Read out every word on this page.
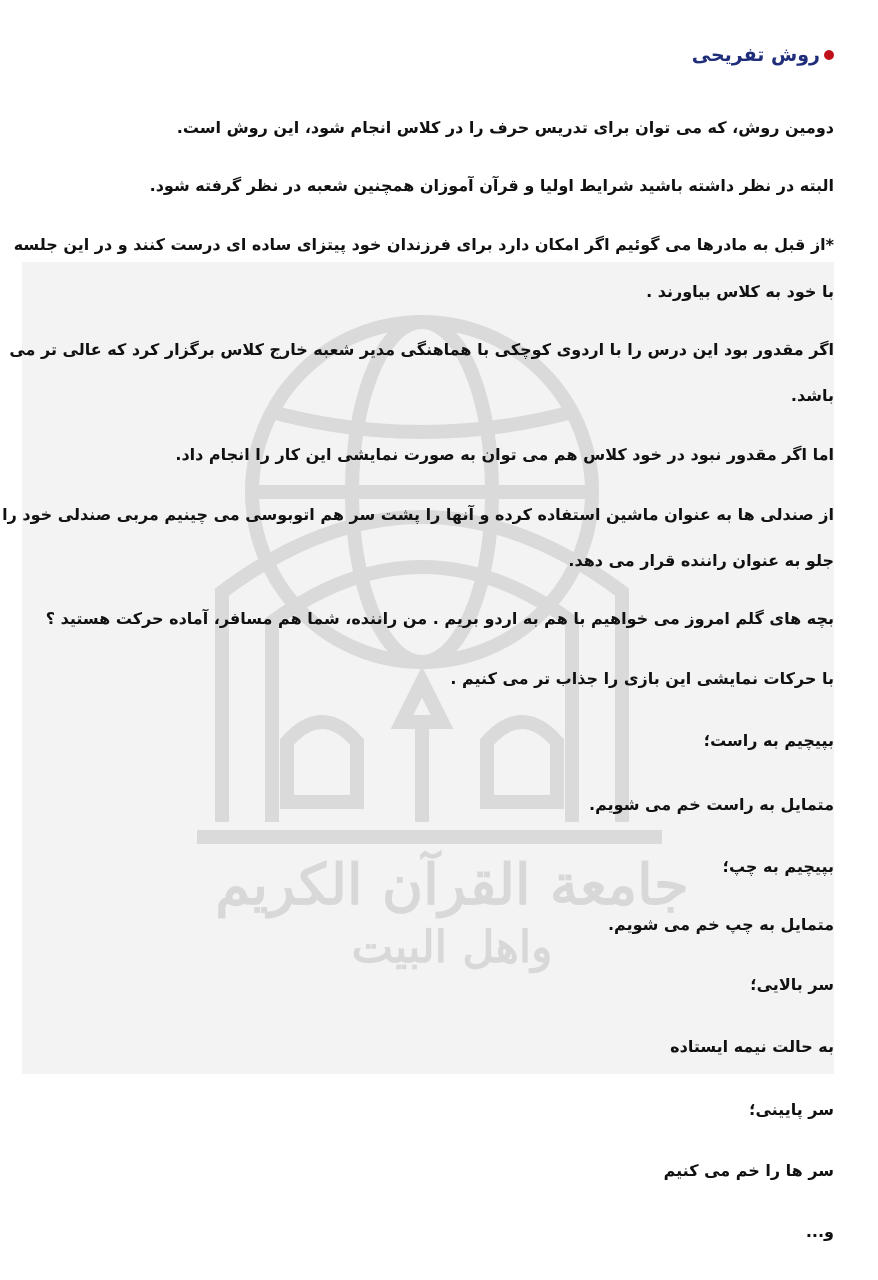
جامعة القرآن الكريم
واهل البيت
روش تفریحی
دومین روش، که می توان برای تدریس حرف را در کلاس انجام شود، این روش است.
البته در نظر داشته باشید شرایط اولیا و قرآن آموزان همچنین شعبه در نظر گرفته شود.
*از قبل به مادرها می گوئیم اگر امکان دارد برای فرزندان خود پیتزای ساده ای درست کنند و در این جلسه
با خود به کلاس بیاورند .
اگر مقدور بود این درس را با اردوی کوچکی با هماهنگی مدیر شعبه خارج کلاس برگزار کرد که عالی تر می
باشد.
اما اگر مقدور نبود در خود کلاس هم می توان به صورت نمایشی این کار را انجام داد.
از صندلی ها به عنوان ماشین استفاده کرده و آنها را پشت سر هم اتوبوسی می چینیم مربی صندلی خود را
جلو به عنوان راننده قرار می دهد.
بچه های گلم امروز می خواهیم با هم به اردو بریم . من راننده، شما هم مسافر، آماده حرکت هستید ؟
با حرکات نمایشی این بازی را جذاب تر می کنیم .
بپیچیم به راست؛
متمایل به راست خم می شویم.
بپیچیم به چپ؛
متمایل به چپ خم می شویم.
سر بالایی؛
به حالت نیمه ایستاده
سر پایینی؛
سر ها را خم می کنیم
و...
